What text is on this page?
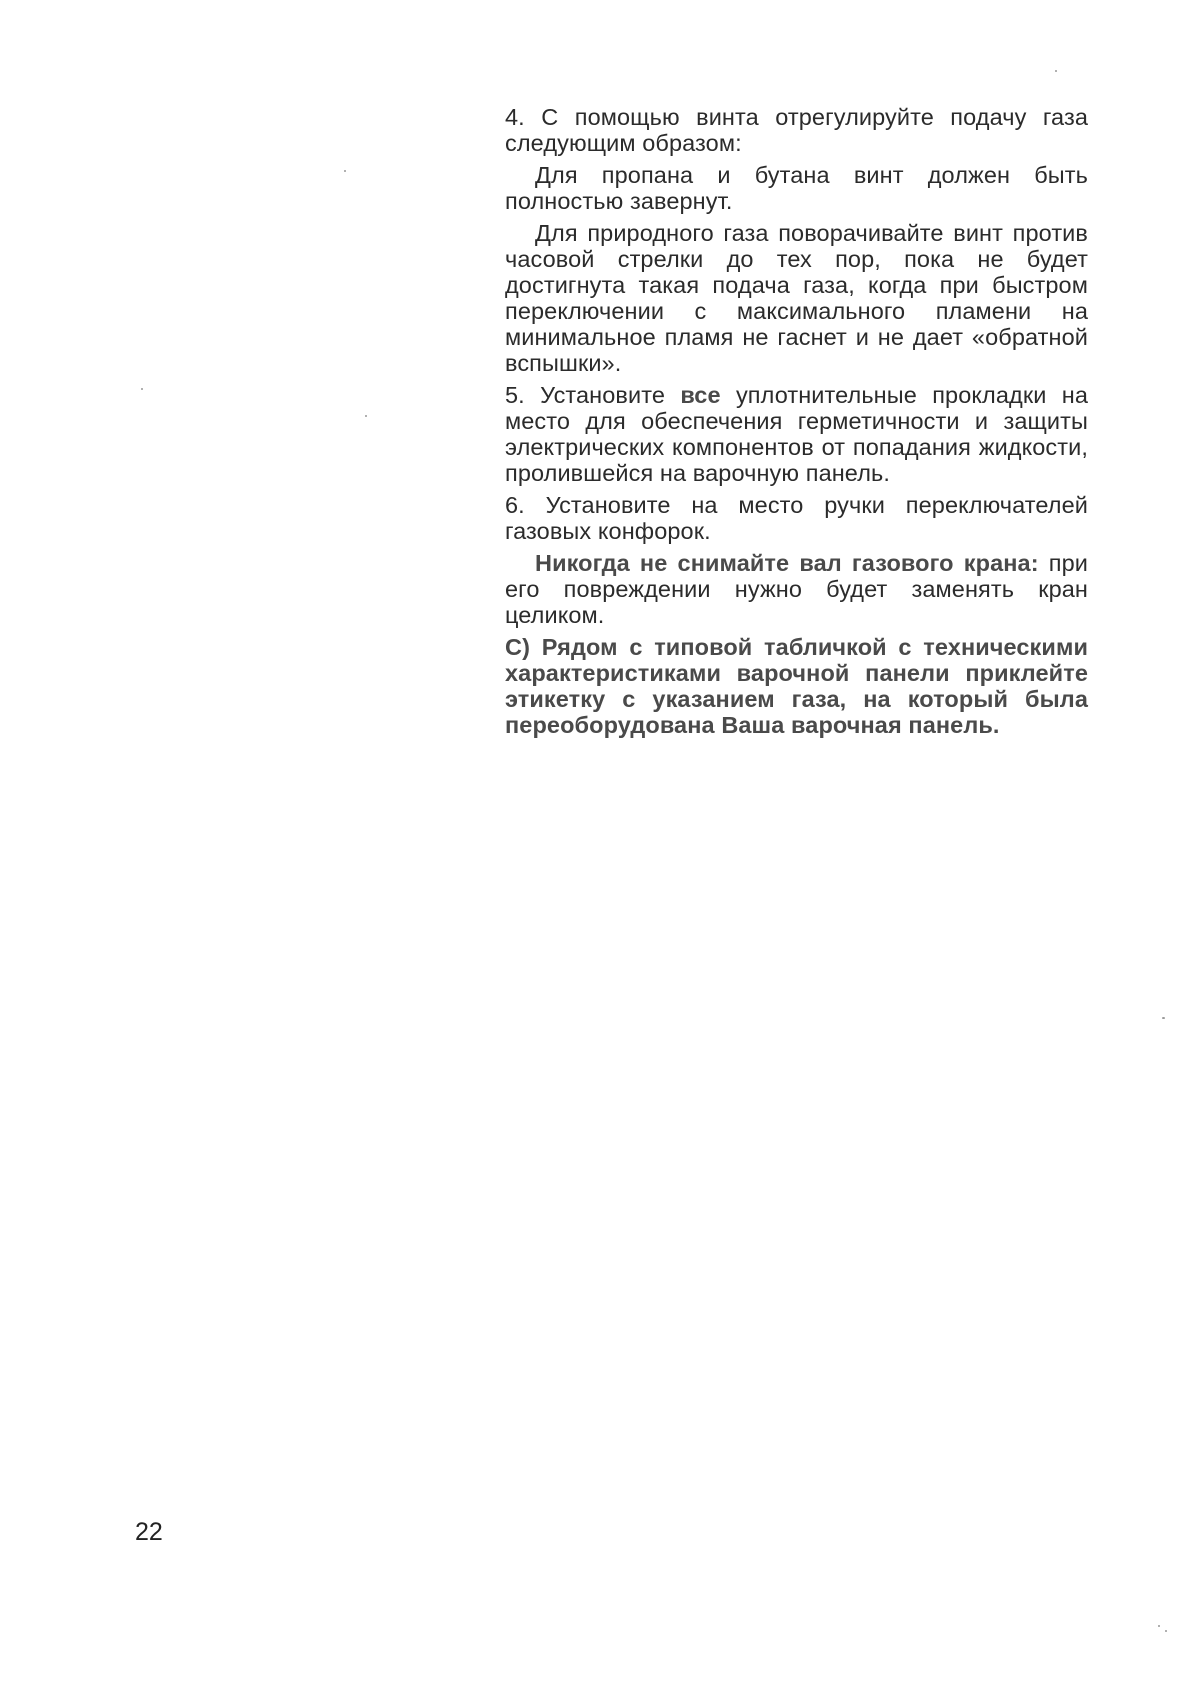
4. С помощью винта отрегулируйте подачу газа следующим образом:

Для пропана и бутана винт должен быть полностью завернут.

Для природного газа поворачивайте винт против часовой стрелки до тех пор, пока не будет достигнута такая подача газа, когда при быстром переключении с максимального пламени на минимальное пламя не гаснет и не дает «обратной вспышки».

5. Установите все уплотнительные прокладки на место для обеспечения герметичности и защиты электрических компонентов от попадания жидкости, пролившейся на варочную панель.

6. Установите на место ручки переключателей газовых конфорок.

Никогда не снимайте вал газового крана: при его повреждении нужно будет заменять кран целиком.

С) Рядом с типовой табличкой с техническими характеристиками варочной панели приклейте этикетку с указанием газа, на который была переоборудована Ваша варочная панель.

22
